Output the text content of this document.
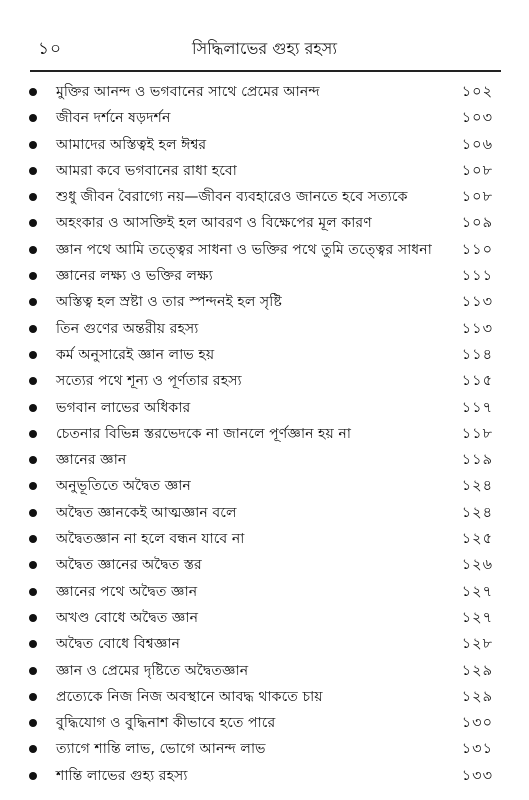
১০	সিদ্ধিলাভের গুহ্য রহস্য
মুক্তির আনন্দ ও ভগবানের সাথে প্রেমের আনন্দ	১০২
জীবন দর্শনে ষড়দর্শন	১০৩
আমাদের অস্তিত্বই হল ঈশ্বর	১০৬
আমরা কবে ভগবানের রাধা হবো	১০৮
শুধু জীবন বৈরাগ্যে নয়—জীবন ব্যবহারেও জানতে হবে সত্যকে	১০৮
অহংকার ও আসক্তিই হল আবরণ ও বিক্ষেপের মূল কারণ	১০৯
জ্ঞান পথে আমি তত্ত্বের সাধনা ও ভক্তির পথে তুমি তত্ত্বের সাধনা ১১০
জ্ঞানের লক্ষ্য ও ভক্তির লক্ষ্য	১১১
অস্তিত্ব হল স্রষ্টা ও তার স্পন্দনই হল সৃষ্টি	১১৩
তিন গুণের অন্তরীয় রহস্য	১১৩
কর্ম অনুসারেই জ্ঞান লাভ হয়	১১৪
সত্যের পথে শূন্য ও পূর্ণতার রহস্য	১১৫
ভগবান লাভের অধিকার	১১৭
চেতনার বিভিন্ন স্তরভেদকে না জানলে পূর্ণজ্ঞান হয় না	১১৮
জ্ঞানের জ্ঞান	১১৯
অনুভূতিতে অদ্বৈত জ্ঞান	১২৪
অদ্বৈত জ্ঞানকেই আত্মজ্ঞান বলে	১২৪
অদ্বৈতজ্ঞান না হলে বন্ধন যাবে না	১২৫
অদ্বৈত জ্ঞানের অদ্বৈত স্তর	১২৬
জ্ঞানের পথে অদ্বৈত জ্ঞান	১২৭
অখণ্ড বোধে অদ্বৈত জ্ঞান	১২৭
অদ্বৈত বোধে বিশ্বজ্ঞান	১২৮
জ্ঞান ও প্রেমের দৃষ্টিতে অদ্বৈতজ্ঞান	১২৯
প্রত্যেকে নিজ নিজ অবস্থানে আবদ্ধ থাকতে চায়	১২৯
বুদ্ধিযোগ ও বুদ্ধিনাশ কীভাবে হতে পারে	১৩০
ত্যাগে শান্তি লাভ, ভোগে আনন্দ লাভ	১৩১
শান্তি লাভের গুহ্য রহস্য	১৩৩
